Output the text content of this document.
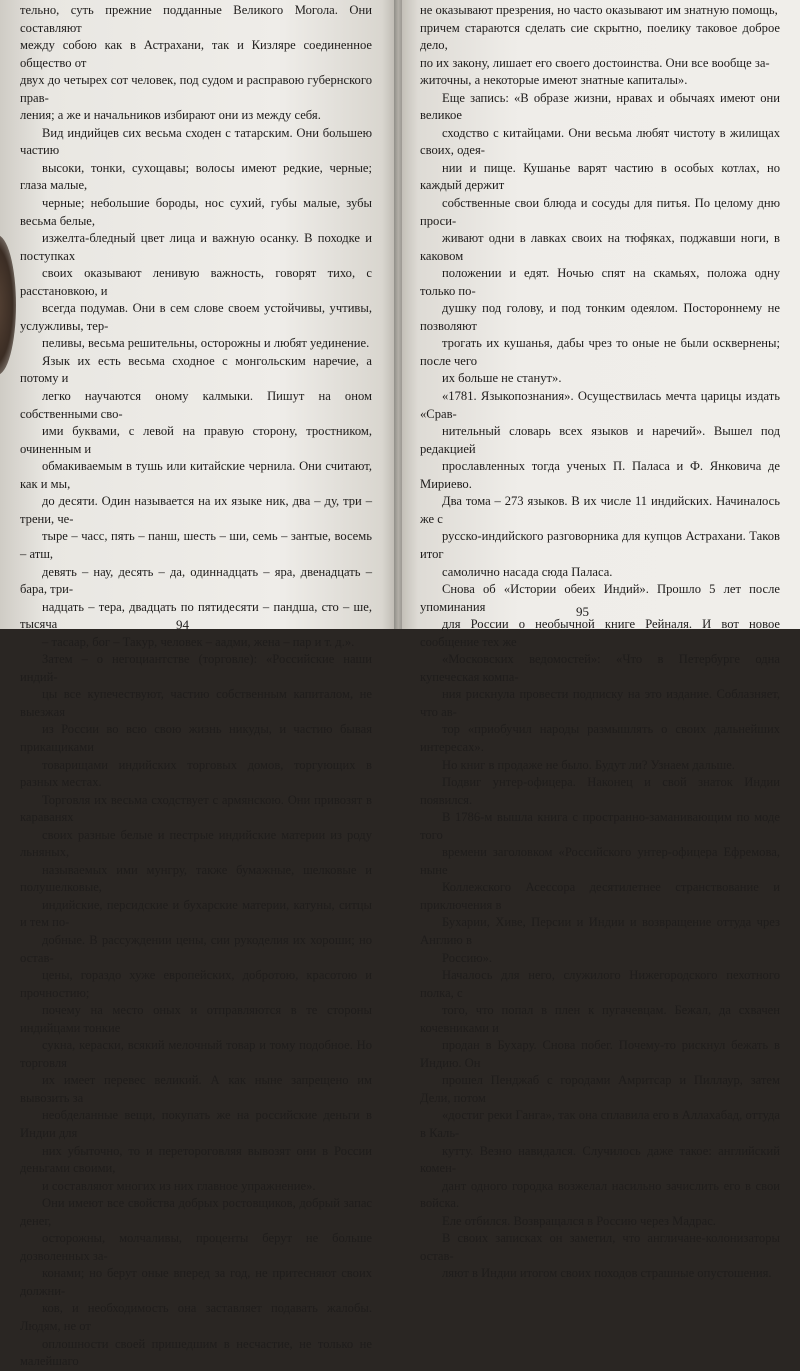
тельно, суть прежние подданные Великого Могола. Они составляют
между собою как в Астрахани, так и Кизляре соединенное общество от
двух до четырех сот человек, под судом и расправою губернского прав-
ления; а же и начальников избирают они из между себя.

Вид индийцев сих весьма сходен с татарским. Они большею частию
высоки, тонки, сухощавы; волосы имеют редкие, черные; глаза малые,
черные; небольшие бороды, нос сухий, губы малые, зубы весьма белые,
изжелта-бледный цвет лица и важную осанку. В походке и поступках
своих оказывают ленивую важность, говорят тихо, с расстановкою, и
всегда подумав. Они в сем слове своем устойчивы, учтивы, услужливы, тер-
пеливы, весьма решительны, осторожны и любят уединение.

Язык их есть весьма сходное с монгольским наречие, а потому и
легко научаются оному калмыки. Пишут на оном собственными сво-
ими буквами, с левой на правую сторону, тростником, очиненным и
обмакиваемым в тушь или китайские чернила. Они считают, как и мы,
до десяти. Один называется на их языке ник, два – ду, три – трени, че-
тыре – часс, пять – панш, шесть – ши, семь – зантые, восемь – атш,
девять – нау, десять – да, одиннадцать – яра, двенадцать – бара, три-
надцать – тера, двадцать по пятидесяти – пандша, сто – ше, тысяча
– тасаар, бог – Такур, человек – аадми, жена – пар и т. д.».

Затем – о негоциантстве (торговле): «Российские наши индий-
цы все купечествуют, частию собственным капиталом, не выезжая
из России во всю свою жизнь никуды, и частию бывая прикащиками
товарищами индийских торговых домов, торгующих в разных местах.
Торговля их весьма сходствует с армянскою. Они привозят в караванях
своих разные белые и пестрые индийские материи из роду льняных,
называемых ими мунгру, также бумажные, шелковые и полушелковые,
индийские, персидские и бухарские материи, катуны, ситцы и тем по-
добные. В рассуждении цены, сии рукоделия их хороши; но остав-
цены, гораздо хуже европейских, добротою, красотою и прочностию;
почему на место оных и отправляются в те стороны индийцами тонкие
сукна, кераски, всякий мелочный товар и тому подобное. Но торговля
их имеет перевес великий. А как ныне запрещено им вывозить за
необделанные вещи, покупать же на российские деньги в Индии для
них убыточно, то и перетороговляя вывозят они в России деньгами своими,
и составляют многих из них главное упражнение».

Они имеют все свойства добрых ростовщиков, добрый запас денег,
осторожны, молчаливы, проценты берут не больше дозволенных за-
конами; но берут оные вперед за год, не притесняют своих должни-
ков, и необходимость она заставляет подавать жалобы. Людям, не от
оплошности своей пришедшим в несчастие, не только не малейшаго

94

не оказывают презрения, но часто оказывают им знатную помощь,
причем стараются сделать сие скрытно, поелику таковое доброе дело,
по их закону, лишает его своего достоинства. Они все вообще за-
житочны, а некоторые имеют знатные капиталы».

Еще запись: «В образе жизни, нравах и обычаях имеют они великое
сходство с китайцами. Они весьма любят чистоту в жилищах своих, одея-
нии и пище. Кушанье варят частию в особых котлах, но каждый держит
собственные свои блюда и сосуды для питья. По целому дню проси-
живают одни в лавках своих на тюфяках, поджавши ноги, в каковом
положении и едят. Ночью спят на скамьях, положа одну только по-
душку под голову, и под тонким одеялом. Постороннему не позволяют
трогать их кушанья, дабы чрез то оные не были осквернены; после чего
их больше не станут».

«1781. Языкопознания». Осуществилась мечта царицы издать «Срав-
нительный словарь всех языков и наречий». Вышел под редакцией
прославленных тогда ученых П. Палаcа и Ф. Янковича де Мириево.
Два тома – 273 языков. В их числе 11 индийских. Начиналось же с
русско-индийского разговорника для купцов Астрахани. Таков итог
самолично насада сюда Паласа.

Снова об «Истории обеих Индий». Прошло 5 лет после упоминания
для России о необычной книге Рейналя. И вот новое сообщение тех же
«Московских ведомостей»: «Что в Петербурге одна купеческая компа-
ния рискнула провести подписку на это издание. Соблазняет, что ав-
тор «приобучил народы размышлять о своих дальнейших интересах».

Но книг в продаже не было. Будут ли? Узнаем дальше.

Подвиг унтер-офицера. Наконец и свой знаток Индии появился.
В 1786-м вышла книга с пространно-заманивающим по моде того
времени заголовком «Российского унтер-офицера Ефремова, ныне
Коллежского Асессора десятилетнее странствование и приключения в
Бухарии, Хиве, Персии и Индии и возвращение оттуда чрез Англию в
Россию».

Началось для него, служилого Нижегородского пехотного полка, с
того, что попал в плен к пугачевцам. Бежал, да схвачен кочевниками и
продан в Бухару. Снова побег. Почему-то рискнул бежать в Индию. Он
прошел Пенджаб с городами Амритсар и Пиллаур, затем Дели, потом
«достиг реки Ганга», так она сплавила его в Аллахабад, оттуда в Каль-
кутту. Везно навидался. Случилось даже такое: английский комен-
дант одного городка возжелал насильно зачислить его в свои войска.
Еле отбился. Возвращался в Россию через Мадрас.

В своих записках он заметил, что англичане-колонизаторы остав-
ляют в Индии итогом своих походов страшные опустошения.

95
